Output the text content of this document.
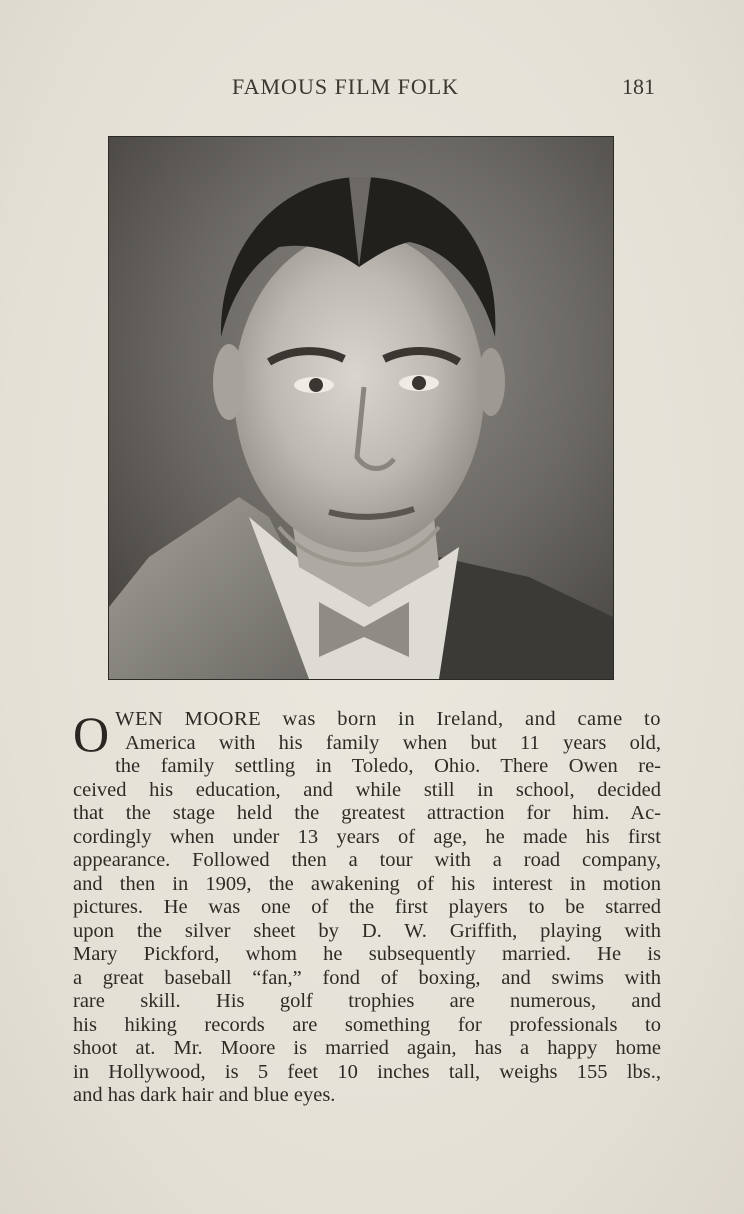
FAMOUS FILM FOLK	181
O WEN MOORE was born in Ireland, and came to
America with his family when but 11 years old,
the family settling in Toledo, Ohio. There Owen re-
ceived his education, and while still in school, decided
that the stage held the greatest attraction for him. Ac-
cordingly when under 13 years of age, he made his first
appearance. Followed then a tour with a road company,
and then in 1909, the awakening of his interest in motion
pictures. He was one of the first players to be starred
upon the silver sheet by D. W. Griffith, playing with
Mary Pickford, whom he subsequently married. He is
a great baseball “fan,” fond of boxing, and swims with
rare skill. His golf trophies are numerous, and
his hiking records are something for professionals to
shoot at. Mr. Moore is married again, has a happy home
in Hollywood, is 5 feet 10 inches tall, weighs 155 lbs.,
and has dark hair and blue eyes.
